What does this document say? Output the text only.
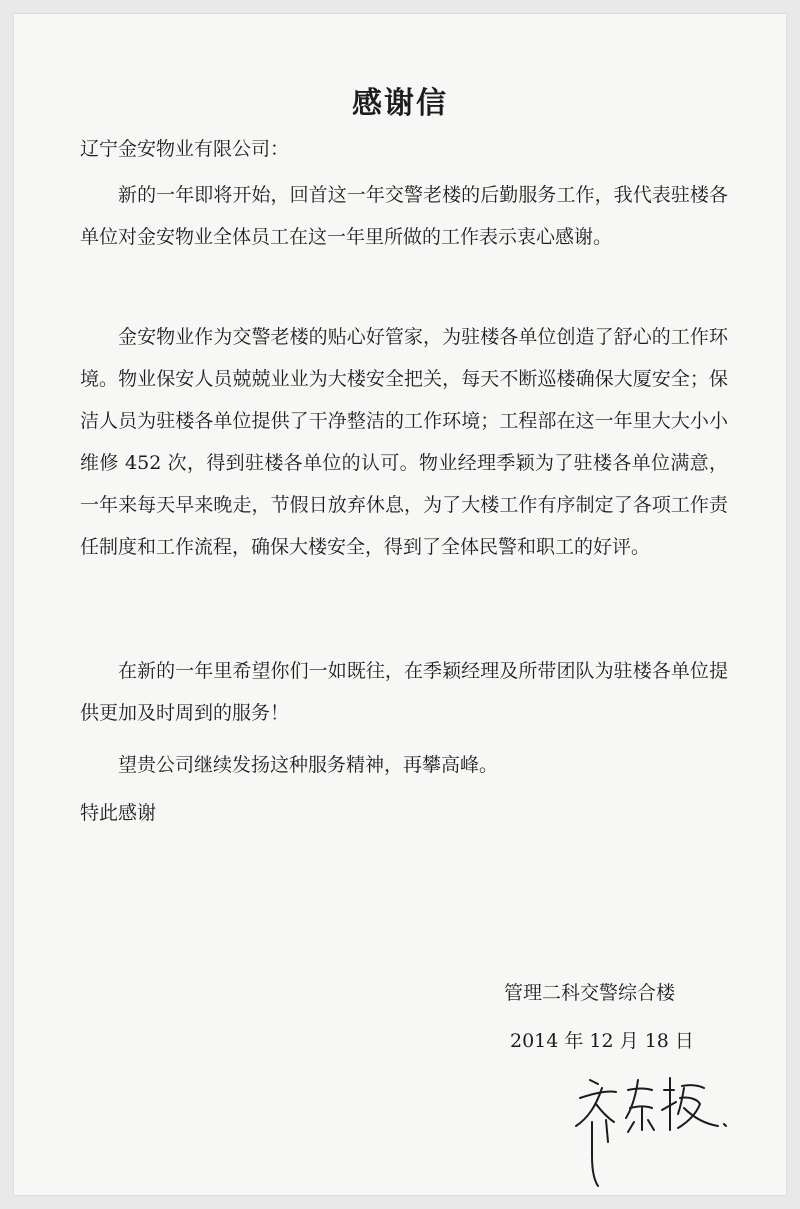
感谢信
辽宁金安物业有限公司：

新的一年即将开始，回首这一年交警老楼的后勤服务工作，我代表驻楼各单位对金安物业全体员工在这一年里所做的工作表示衷心感谢。

金安物业作为交警老楼的贴心好管家，为驻楼各单位创造了舒心的工作环境。物业保安人员兢兢业业为大楼安全把关，每天不断巡楼确保大厦安全；保洁人员为驻楼各单位提供了干净整洁的工作环境；工程部在这一年里大大小小维修 452 次，得到驻楼各单位的认可。物业经理季颖为了驻楼各单位满意，一年来每天早来晚走，节假日放弃休息，为了大楼工作有序制定了各项工作责任制度和工作流程，确保大楼安全，得到了全体民警和职工的好评。

在新的一年里希望你们一如既往，在季颖经理及所带团队为驻楼各单位提供更加及时周到的服务！

望贵公司继续发扬这种服务精神，再攀高峰。

特此感谢
管理二科交警综合楼
2014 年 12 月 18 日
